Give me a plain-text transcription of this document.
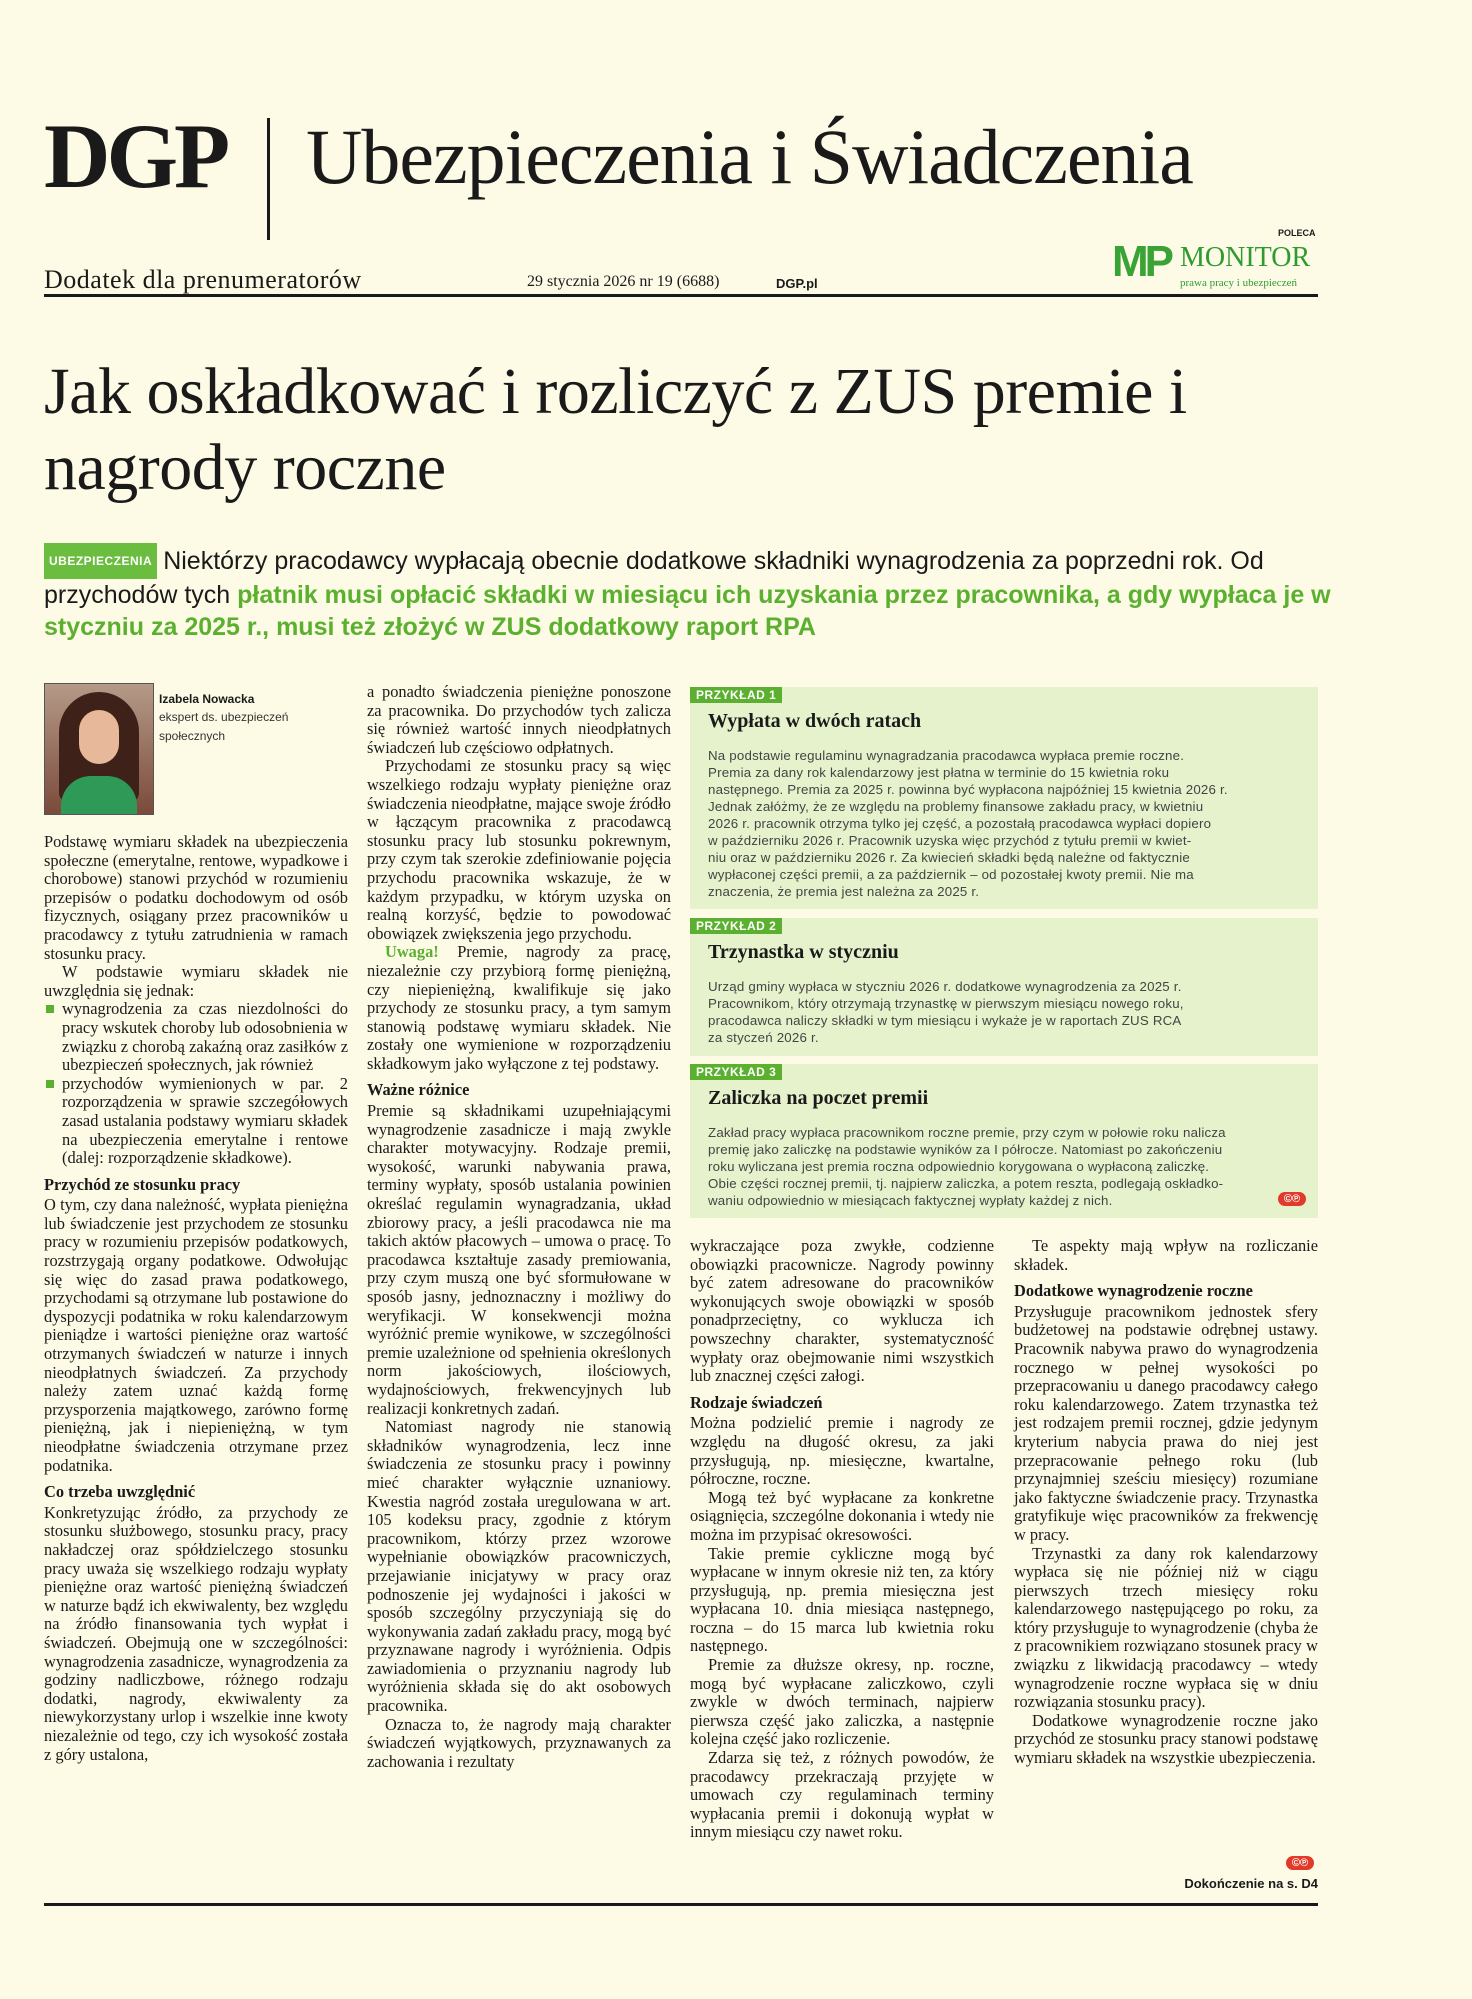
DGP Ubezpieczenia i Świadczenia
Dodatek dla prenumeratorów	29 stycznia 2026 nr 19 (6688)	DGP.pl
POLECA
MP MONITOR
prawa pracy i ubezpieczeń
Jak oskładkować i rozliczyć z ZUS premie i nagrody roczne
UBEZPIECZENIA Niektórzy pracodawcy wypłacają obecnie dodatkowe składniki wynagrodzenia za poprzedni rok. Od przychodów tych płatnik musi opłacić składki w miesiącu ich uzyskania przez pracownika, a gdy wypłaca je w styczniu za 2025 r., musi też złożyć w ZUS dodatkowy raport RPA
Izabela Nowacka
ekspert ds. ubezpieczeń społecznych

Podstawę wymiaru składek na ubezpieczenia społeczne (emerytalne, rentowe, wypadkowe i chorobowe) stanowi przychód w rozumieniu przepisów o podatku dochodowym od osób fizycznych, osiągany przez pracowników u pracodawcy z tytułu zatrudnienia w ramach stosunku pracy.

W podstawie wymiaru składek nie uwzględnia się jednak:

wynagrodzenia za czas niezdolności do pracy wskutek choroby lub odosobnienia w związku z chorobą zakaźną oraz zasiłków z ubezpieczeń społecznych, jak również
przychodów wymienionych w par. 2 rozporządzenia w sprawie szczegółowych zasad ustalania podstawy wymiaru składek na ubezpieczenia emerytalne i rentowe (dalej: rozporządzenie składkowe).
Przychód ze stosunku pracy

O tym, czy dana należność, wypłata pieniężna lub świadczenie jest przychodem ze stosunku pracy w rozumieniu przepisów podatkowych, rozstrzygają organy podatkowe. Odwołując się więc do zasad prawa podatkowego, przychodami są otrzymane lub postawione do dyspozycji podatnika w roku kalendarzowym pieniądze i wartości pieniężne oraz wartość otrzymanych świadczeń w naturze i innych nieodpłatnych świadczeń. Za przychody należy zatem uznać każdą formę przysporzenia majątkowego, zarówno formę pieniężną, jak i niepieniężną, w tym nieodpłatne świadczenia otrzymane przez podatnika.

Co trzeba uwzględnić

Konkretyzując źródło, za przychody ze stosunku służbowego, stosunku pracy, pracy nakładczej oraz spółdzielczego stosunku pracy uważa się wszelkiego rodzaju wypłaty pieniężne oraz wartość pieniężną świadczeń w naturze bądź ich ekwiwalenty, bez względu na źródło finansowania tych wypłat i świadczeń. Obejmują one w szczególności: wynagrodzenia zasadnicze, wynagrodzenia za godziny nadliczbowe, różnego rodzaju dodatki, nagrody, ekwiwalenty za niewykorzystany urlop i wszelkie inne kwoty niezależnie od tego, czy ich wysokość została z góry ustalona,

a ponadto świadczenia pieniężne ponoszone za pracownika. Do przychodów tych zalicza się również wartość innych nieodpłatnych świadczeń lub częściowo odpłatnych.

Przychodami ze stosunku pracy są więc wszelkiego rodzaju wypłaty pieniężne oraz świadczenia nieodpłatne, mające swoje źródło w łączącym pracownika z pracodawcą stosunku pracy lub stosunku pokrewnym, przy czym tak szerokie zdefiniowanie pojęcia przychodu pracownika wskazuje, że w każdym przypadku, w którym uzyska on realną korzyść, będzie to powodować obowiązek zwiększenia jego przychodu.

Uwaga! Premie, nagrody za pracę, niezależnie czy przybiorą formę pieniężną, czy niepieniężną, kwalifikuje się jako przychody ze stosunku pracy, a tym samym stanowią podstawę wymiaru składek. Nie zostały one wymienione w rozporządzeniu składkowym jako wyłączone z tej podstawy.

Ważne różnice

Premie są składnikami uzupełniającymi wynagrodzenie zasadnicze i mają zwykle charakter motywacyjny. Rodzaje premii, wysokość, warunki nabywania prawa, terminy wypłaty, sposób ustalania powinien określać regulamin wynagradzania, układ zbiorowy pracy, a jeśli pracodawca nie ma takich aktów płacowych – umowa o pracę. To pracodawca kształtuje zasady premiowania, przy czym muszą one być sformułowane w sposób jasny, jednoznaczny i możliwy do weryfikacji. W konsekwencji można wyróżnić premie wynikowe, w szczególności premie uzależnione od spełnienia określonych norm jakościowych, ilościowych, wydajnościowych, frekwencyjnych lub realizacji konkretnych zadań.

Natomiast nagrody nie stanowią składników wynagrodzenia, lecz inne świadczenia ze stosunku pracy i powinny mieć charakter wyłącznie uznaniowy. Kwestia nagród została uregulowana w art. 105 kodeksu pracy, zgodnie z którym pracownikom, którzy przez wzorowe wypełnianie obowiązków pracowniczych, przejawianie inicjatywy w pracy oraz podnoszenie jej wydajności i jakości w sposób szczególny przyczyniają się do wykonywania zadań zakładu pracy, mogą być przyznawane nagrody i wyróżnienia. Odpis zawiadomienia o przyznaniu nagrody lub wyróżnienia składa się do akt osobowych pracownika.

Oznacza to, że nagrody mają charakter świadczeń wyjątkowych, przyznawanych za zachowania i rezultaty

PRZYKŁAD 1
Wypłata w dwóch ratach
Na podstawie regulaminu wynagradzania pracodawca wypłaca premie roczne.
Premia za dany rok kalendarzowy jest płatna w terminie do 15 kwietnia roku
następnego. Premia za 2025 r. powinna być wypłacona najpóźniej 15 kwietnia 2026 r.
Jednak załóżmy, że ze względu na problemy finansowe zakładu pracy, w kwietniu
2026 r. pracownik otrzyma tylko jej część, a pozostałą pracodawca wypłaci dopiero
w październiku 2026 r. Pracownik uzyska więc przychód z tytułu premii w kwiet-
niu oraz w październiku 2026 r. Za kwiecień składki będą należne od faktycznie
wypłaconej części premii, a za październik – od pozostałej kwoty premii. Nie ma
znaczenia, że premia jest należna za 2025 r.
PRZYKŁAD 2
Trzynastka w styczniu
Urząd gminy wypłaca w styczniu 2026 r. dodatkowe wynagrodzenia za 2025 r.
Pracownikom, który otrzymają trzynastkę w pierwszym miesiącu nowego roku,
pracodawca naliczy składki w tym miesiącu i wykaże je w raportach ZUS RCA
za styczeń 2026 r.
PRZYKŁAD 3
Zaliczka na poczet premii
Zakład pracy wypłaca pracownikom roczne premie, przy czym w połowie roku nalicza
premię jako zaliczkę na podstawie wyników za I półrocze. Natomiast po zakończeniu
roku wyliczana jest premia roczna odpowiednio korygowana o wypłaconą zaliczkę.
Obie części rocznej premii, tj. najpierw zaliczka, a potem reszta, podlegają oskładko-
waniu odpowiednio w miesiącach faktycznej wypłaty każdej z nich.	©℗

wykraczające poza zwykłe, codzienne obowiązki pracownicze. Nagrody powinny być zatem adresowane do pracowników wykonujących swoje obowiązki w sposób ponadprzeciętny, co wyklucza ich powszechny charakter, systematyczność wypłaty oraz obejmowanie nimi wszystkich lub znacznej części załogi.

Rodzaje świadczeń

Można podzielić premie i nagrody ze względu na długość okresu, za jaki przysługują, np. miesięczne, kwartalne, półroczne, roczne.

Mogą też być wypłacane za konkretne osiągnięcia, szczególne dokonania i wtedy nie można im przypisać okresowości.

Takie premie cykliczne mogą być wypłacane w innym okresie niż ten, za który przysługują, np. premia miesięczna jest wypłacana 10. dnia miesiąca następnego, roczna – do 15 marca lub kwietnia roku następnego.

Premie za dłuższe okresy, np. roczne, mogą być wypłacane zaliczkowo, czyli zwykle w dwóch terminach, najpierw pierwsza część jako zaliczka, a następnie kolejna część jako rozliczenie.

Zdarza się też, z różnych powodów, że pracodawcy przekraczają przyjęte w umowach czy regulaminach terminy wypłacania premii i dokonują wypłat w innym miesiącu czy nawet roku.

Te aspekty mają wpływ na rozliczanie składek.

Dodatkowe wynagrodzenie roczne

Przysługuje pracownikom jednostek sfery budżetowej na podstawie odrębnej ustawy. Pracownik nabywa prawo do wynagrodzenia rocznego w pełnej wysokości po przepracowaniu u danego pracodawcy całego roku kalendarzowego. Zatem trzynastka też jest rodzajem premii rocznej, gdzie jedynym kryterium nabycia prawa do niej jest przepracowanie pełnego roku (lub przynajmniej sześciu miesięcy) rozumiane jako faktyczne świadczenie pracy. Trzynastka gratyfikuje więc pracowników za frekwencję w pracy.

Trzynastki za dany rok kalendarzowy wypłaca się nie później niż w ciągu pierwszych trzech miesięcy roku kalendarzowego następującego po roku, za który przysługuje to wynagrodzenie (chyba że z pracownikiem rozwiązano stosunek pracy w związku z likwidacją pracodawcy – wtedy wynagrodzenie roczne wypłaca się w dniu rozwiązania stosunku pracy).

Dodatkowe wynagrodzenie roczne jako przychód ze stosunku pracy stanowi podstawę wymiaru składek na wszystkie ubezpieczenia.

©℗
Dokończenie na s. D4
